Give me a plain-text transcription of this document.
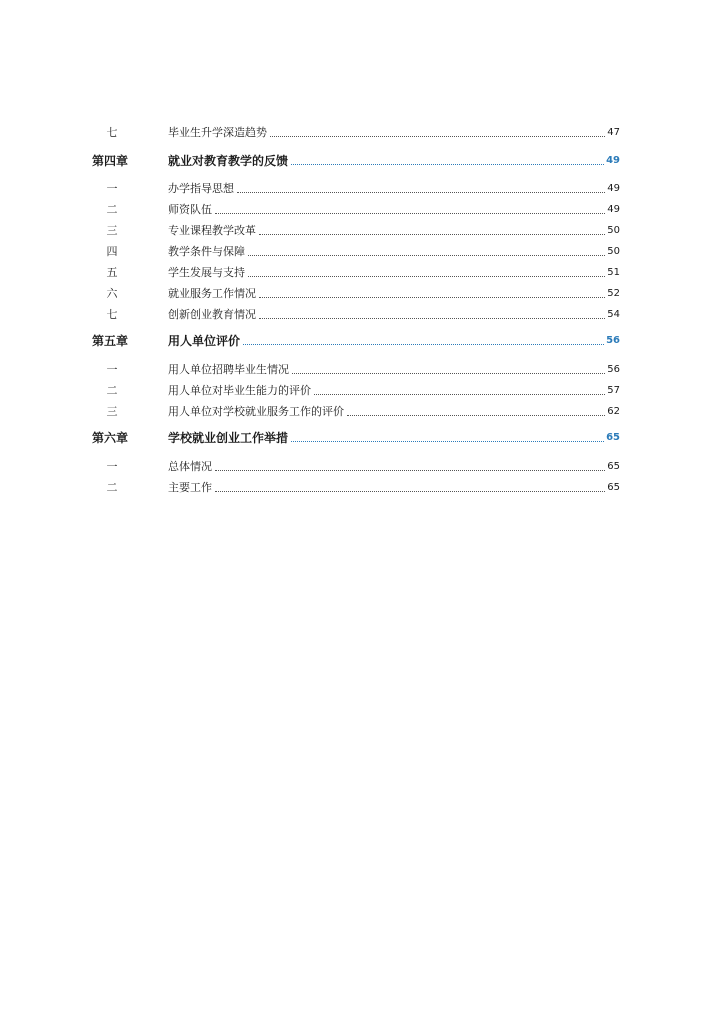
七	毕业生升学深造趋势	47
第四章	就业对教育教学的反馈	49
一	办学指导思想	49
二	师资队伍	49
三	专业课程教学改革	50
四	教学条件与保障	50
五	学生发展与支持	51
六	就业服务工作情况	52
七	创新创业教育情况	54
第五章	用人单位评价	56
一	用人单位招聘毕业生情况	56
二	用人单位对毕业生能力的评价	57
三	用人单位对学校就业服务工作的评价	62
第六章	学校就业创业工作举措	65
一	总体情况	65
二	主要工作	65
